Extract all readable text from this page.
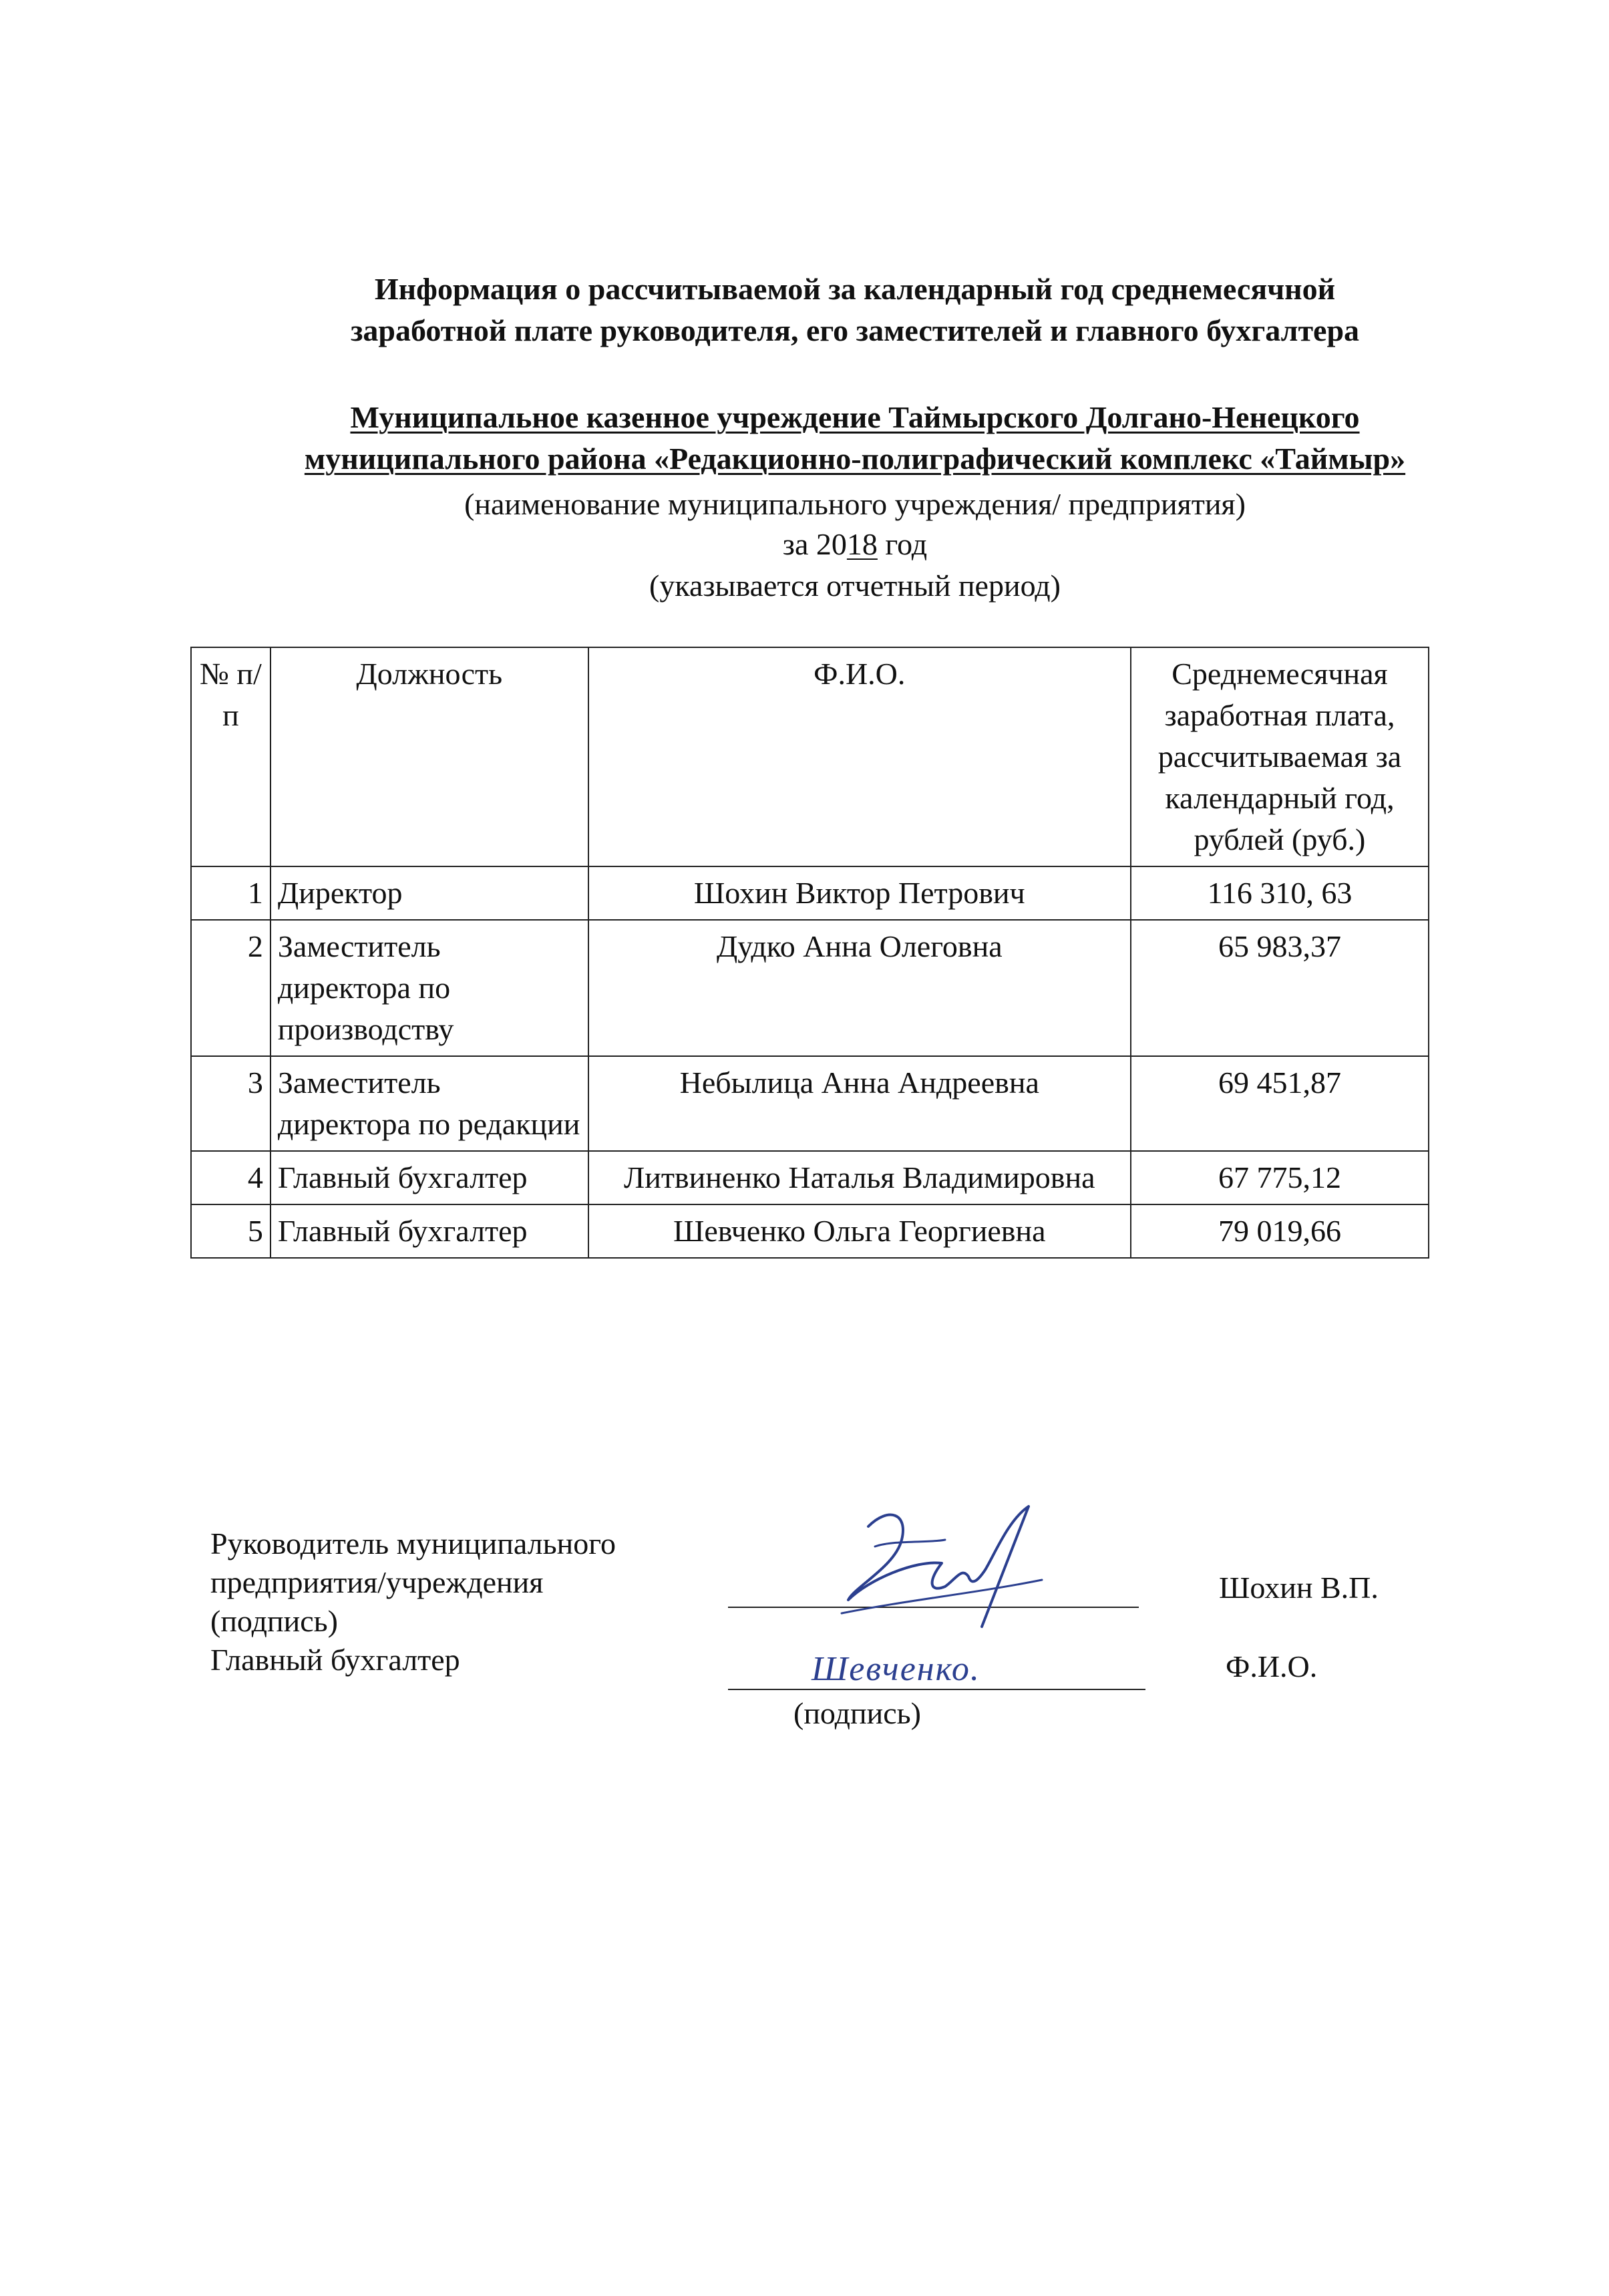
Информация о рассчитываемой за календарный год среднемесячной
заработной плате руководителя, его заместителей и главного бухгалтера
Муниципальное казенное учреждение Таймырского Долгано-Ненецкого
муниципального района «Редакционно-полиграфический комплекс «Таймыр»
(наименование муниципального учреждения/ предприятия)
за 2018 год
(указывается отчетный период)
№ п/п	Должность	Ф.И.О.	Среднемесячная заработная плата, рассчитываемая за календарный год, рублей (руб.)
1	Директор	Шохин Виктор Петрович	116 310, 63
2	Заместитель директора по производству	Дудко Анна Олеговна	65 983,37
3	Заместитель директора по редакции	Небылица Анна Андреевна	69 451,87
4	Главный бухгалтер	Литвиненко Наталья Владимировна	67 775,12
5	Главный бухгалтер	Шевченко Ольга Георгиевна	79 019,66
Руководитель муниципального
предприятия/учреждения
(подпись)
Главный бухгалтер
Шохин В.П.
Ф.И.О.
(подпись)
Шевченко.
